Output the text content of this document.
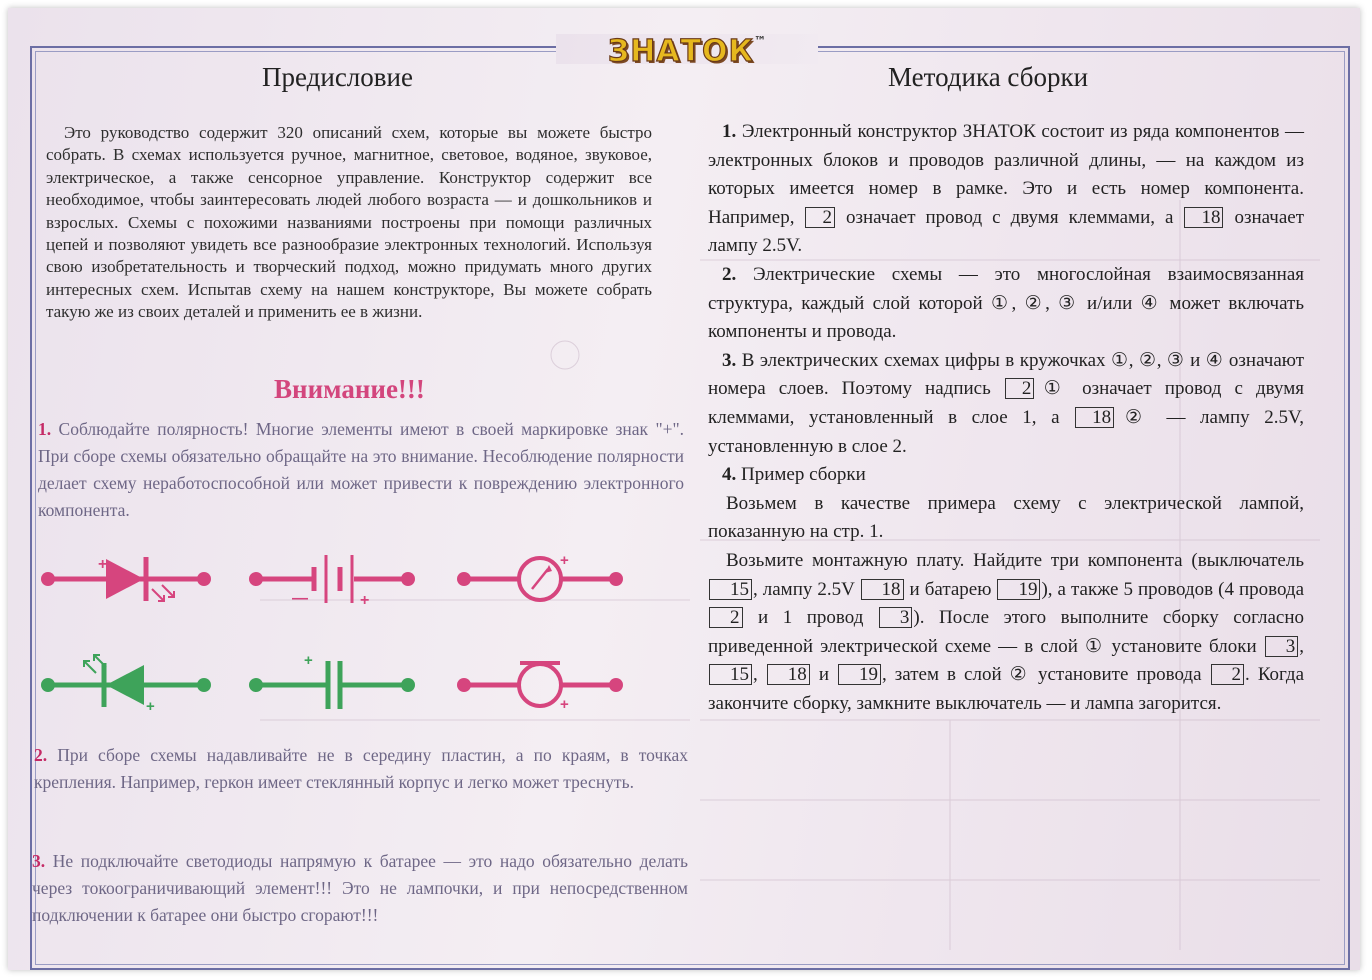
ЗНАТОК™
Предисловие

Это руководство содержит 320 описаний схем, которые вы можете быстро собрать. В схемах используется ручное, магнитное, световое, водяное, звуковое, электрическое, а также сенсорное управление. Конструктор содержит все необходимое, чтобы заинтересовать людей любого возраста — и дошкольников и взрослых. Схемы с похожими названиями построены при помощи различных цепей и позволяют увидеть все разнообразие электронных технологий. Используя свою изобретательность и творческий подход, можно придумать много других интересных схем. Испытав схему на нашем конструкторе, Вы можете собрать такую же из своих деталей и применить ее в жизни.

Внимание!!!

1. Соблюдайте полярность! Многие элементы имеют в своей маркировке знак "+". При сборе схемы обязательно обращайте на это внимание. Несоблюдение полярности делает схему неработоспособной или может привести к повреждению электронного компонента.

+
—	+
+
+
+
+

2. При сборе схемы надавливайте не в середину пластин, а по краям, в точках крепления. Например, геркон имеет стеклянный корпус и легко может треснуть.

3. Не подключайте светодиоды напрямую к батарее — это надо обязательно делать через токоограничивающий элемент!!! Это не лампочки, и при непосредственном подключении к батарее они быстро сгорают!!!

Методика сборки

1. Электронный конструктор ЗНАТОК состоит из ряда компонентов — электронных блоков и проводов различной длины, — на каждом из которых имеется номер в рамке. Это и есть номер компонента. Например, 2 означает провод с двумя клеммами, а 18 означает лампу 2.5V.

2. Электрические схемы — это многослойная взаимосвязанная структура, каждый слой которой ①, ②, ③ и/или ④ может включать компоненты и провода.

3. В электрических схемах цифры в кружочках ①, ②, ③ и ④ означают номера слоев. Поэтому надпись 2 ① означает провод с двумя клеммами, установленный в слое 1, а 18 ② — лампу 2.5V, установленную в слое 2.

4. Пример сборки

Возьмем в качестве примера схему с электрической лампой, показанную на стр. 1.

Возьмите монтажную плату. Найдите три компонента (выключатель 15 , лампу 2.5V 18 и батарею 19 ), а также 5 проводов (4 провода2 и 1 провод 3 ). После этого выполните сборку согласно приведенной электрической схеме — в слой ① установите блоки 3 , 15 , 18 и 19 , затем в слой ② установите провода 2 . Когда закончите сборку, замкните выключатель — и лампа загорится.
